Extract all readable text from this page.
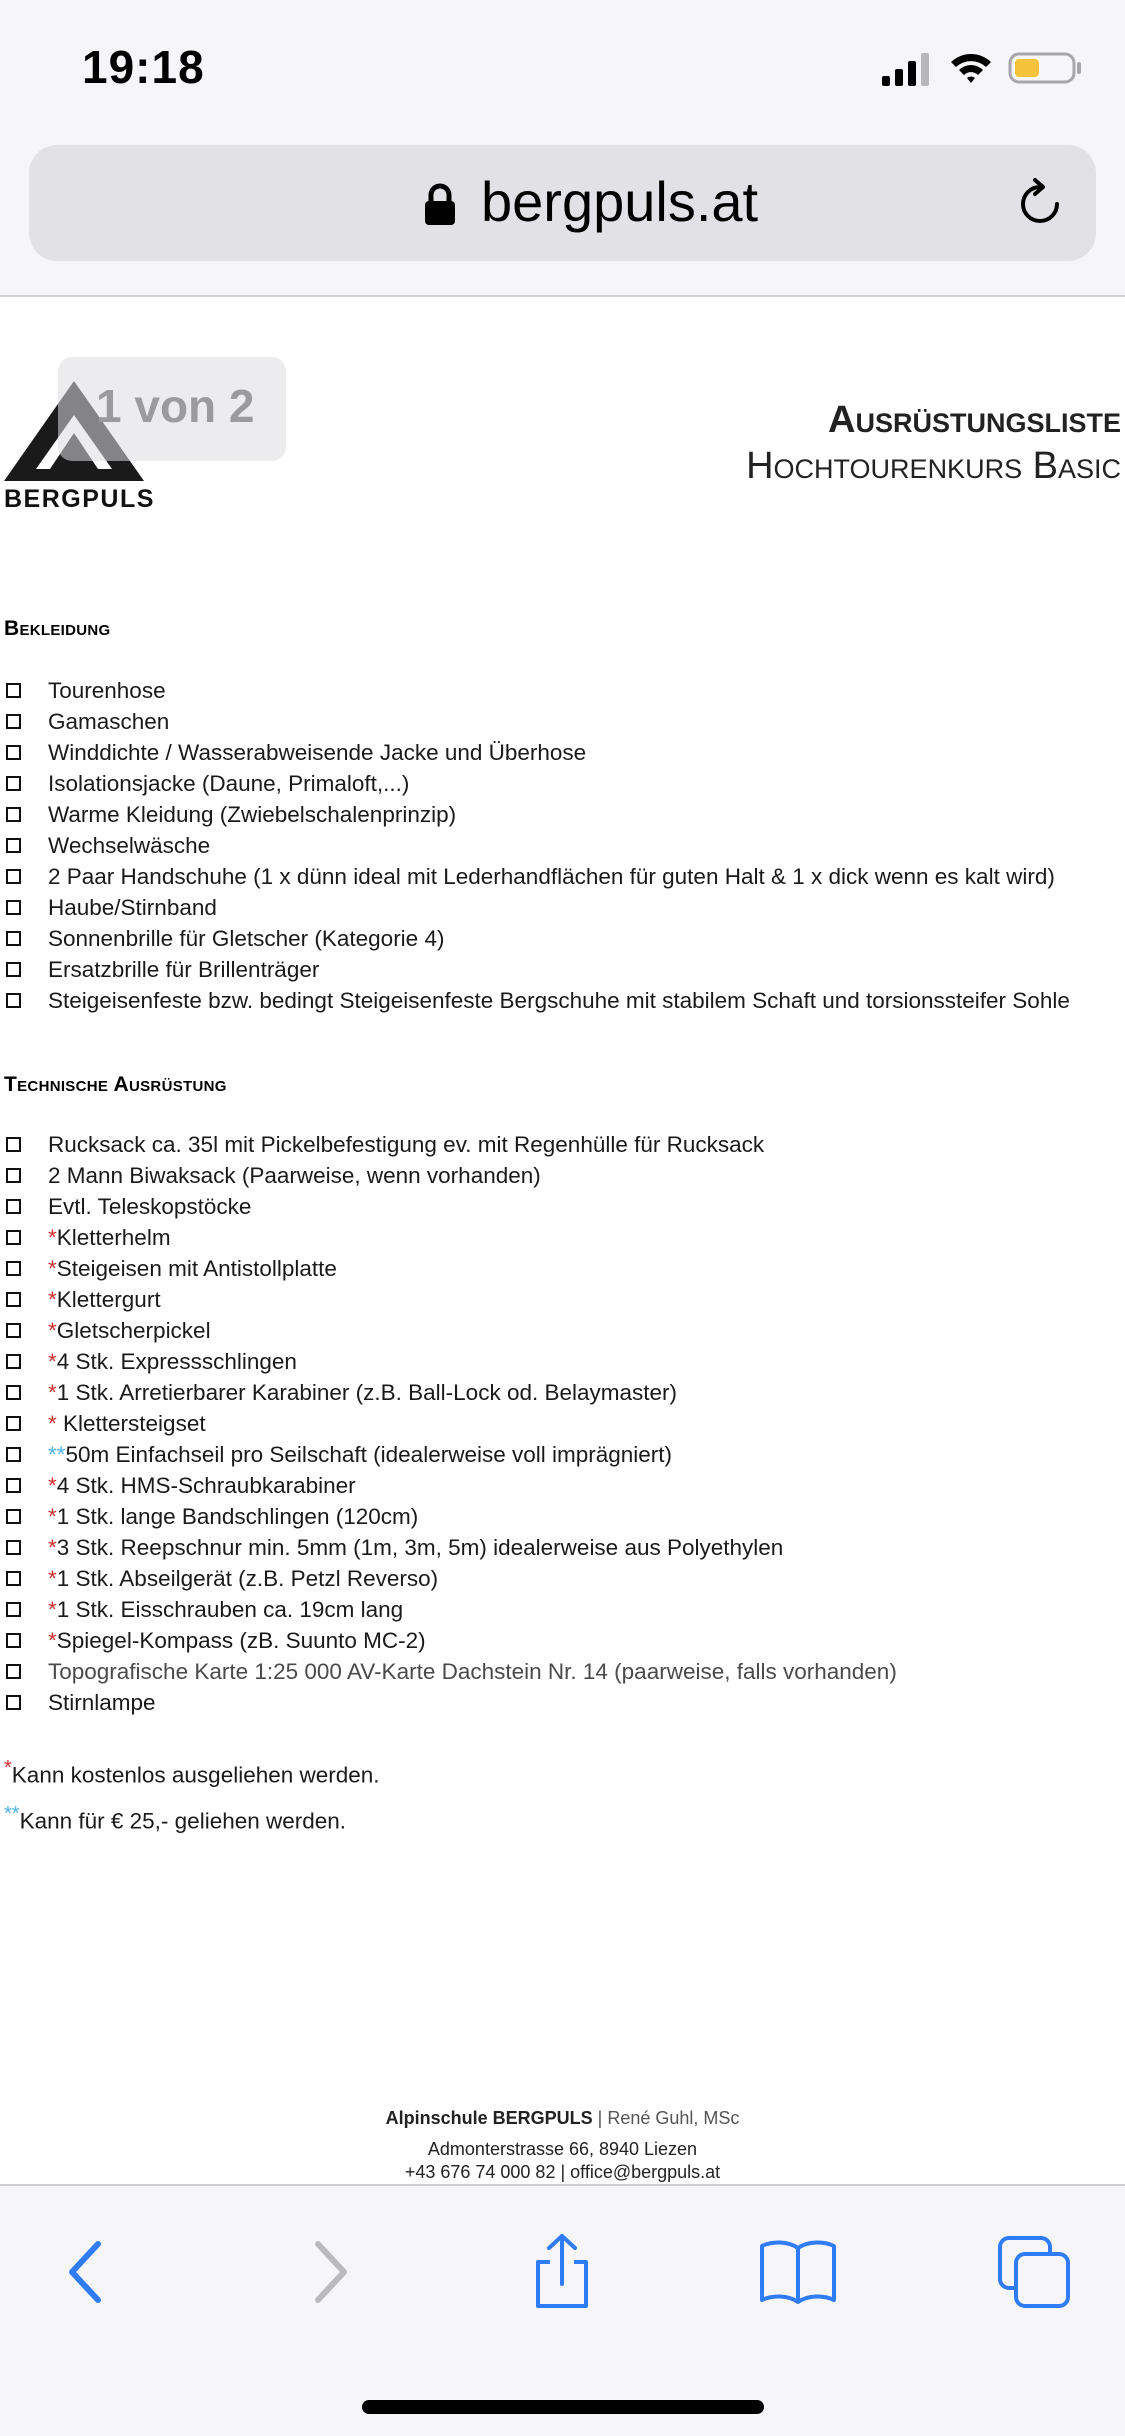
19:18
bergpuls.at
BERGPULS
1 von 2	Ausrüstungsliste
Hochtourenkurs Basic
Bekleidung
Tourenhose
Gamaschen
Winddichte / Wasserabweisende Jacke und Überhose
Isolationsjacke (Daune, Primaloft,...)
Warme Kleidung (Zwiebelschalenprinzip)
Wechselwäsche
2 Paar Handschuhe (1 x dünn ideal mit Lederhandflächen für guten Halt & 1 x dick wenn es kalt wird)
Haube/Stirnband
Sonnenbrille für Gletscher (Kategorie 4)
Ersatzbrille für Brillenträger
Steigeisenfeste bzw. bedingt Steigeisenfeste Bergschuhe mit stabilem Schaft und torsionssteifer Sohle
Technische Ausrüstung
Rucksack ca. 35l mit Pickelbefestigung ev. mit Regenhülle für Rucksack
2 Mann Biwaksack (Paarweise, wenn vorhanden)
Evtl. Teleskopstöcke
*Kletterhelm
*Steigeisen mit Antistollplatte
*Klettergurt
*Gletscherpickel
*4 Stk. Expressschlingen
*1 Stk. Arretierbarer Karabiner (z.B. Ball-Lock od. Belaymaster)
* Klettersteigset
**50m Einfachseil pro Seilschaft (idealerweise voll imprägniert)
*4 Stk. HMS-Schraubkarabiner
*1 Stk. lange Bandschlingen (120cm)
*3 Stk. Reepschnur min. 5mm (1m, 3m, 5m) idealerweise aus Polyethylen
*1 Stk. Abseilgerät (z.B. Petzl Reverso)
*1 Stk. Eisschrauben ca. 19cm lang
*Spiegel-Kompass (zB. Suunto MC-2)
Topografische Karte 1:25 000 AV-Karte Dachstein Nr. 14 (paarweise, falls vorhanden)
Stirnlampe
*Kann kostenlos ausgeliehen werden.
**Kann für € 25,- geliehen werden.
Alpinschule BERGPULS | René Guhl, MSc
Admonterstrasse 66, 8940 Liezen
+43 676 74 000 82 | office@bergpuls.at
